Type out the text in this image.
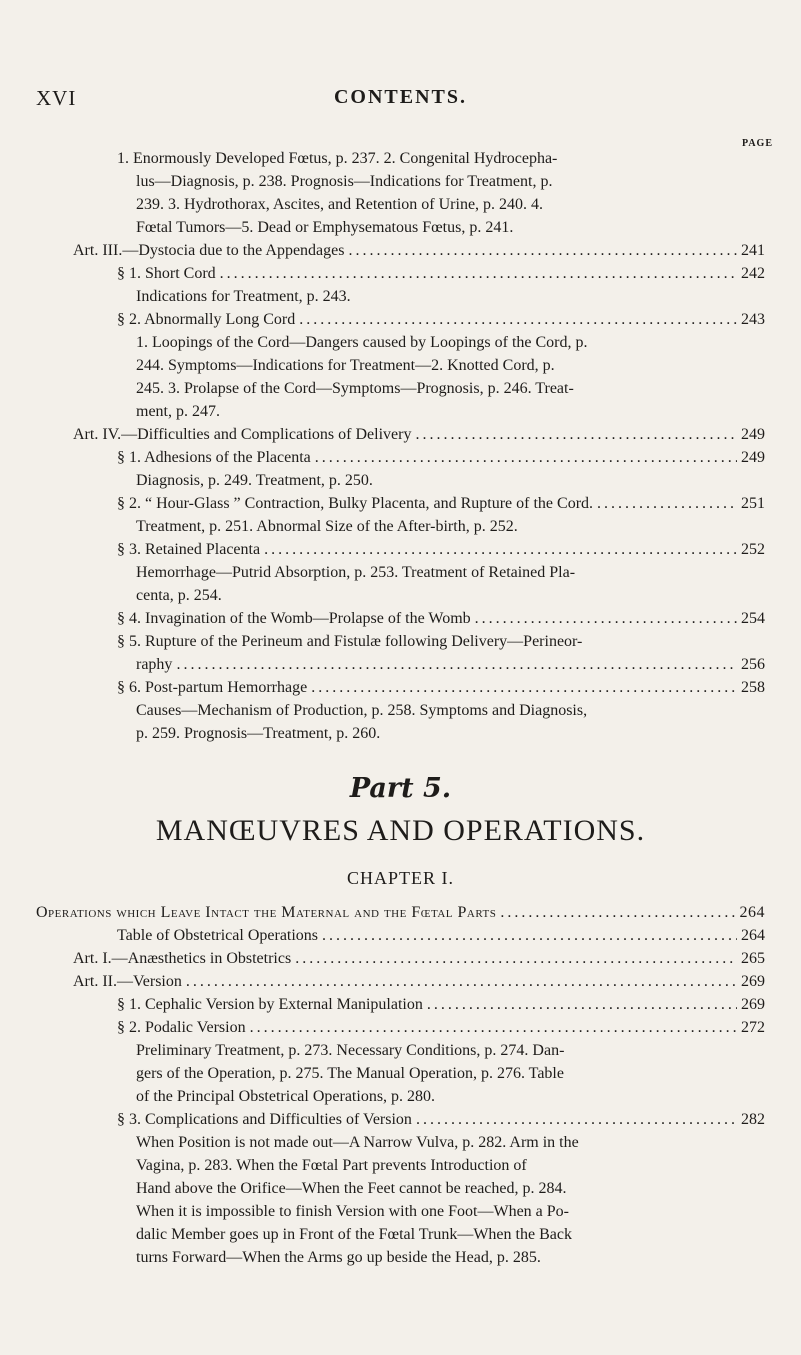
XVI	CONTENTS.
PAGE
1. Enormously Developed Fœtus, p. 237. 2. Congenital Hydrocepha-
lus—Diagnosis, p. 238. Prognosis—Indications for Treatment, p.
239. 3. Hydrothorax, Ascites, and Retention of Urine, p. 240. 4.
Fœtal Tumors—5. Dead or Emphysematous Fœtus, p. 241.
Art. III.—Dystocia due to the Appendages .....	241
§ 1. Short Cord .....	242
Indications for Treatment, p. 243.
§ 2. Abnormally Long Cord .....	243
1. Loopings of the Cord—Dangers caused by Loopings of the Cord, p.
244. Symptoms—Indications for Treatment—2. Knotted Cord, p.
245. 3. Prolapse of the Cord—Symptoms—Prognosis, p. 246. Treat-
ment, p. 247.
Art. IV.—Difficulties and Complications of Delivery .....	249
§ 1. Adhesions of the Placenta .....	249
Diagnosis, p. 249. Treatment, p. 250.
§ 2. “ Hour-Glass ” Contraction, Bulky Placenta, and Rupture of the Cord. .....	251
Treatment, p. 251. Abnormal Size of the After-birth, p. 252.
§ 3. Retained Placenta .....	252
Hemorrhage—Putrid Absorption, p. 253. Treatment of Retained Pla-
centa, p. 254.
§ 4. Invagination of the Womb—Prolapse of the Womb .....	254
§ 5. Rupture of the Perineum and Fistulæ following Delivery—Perineor-
raphy .....	256
§ 6. Post-partum Hemorrhage .....	258
Causes—Mechanism of Production, p. 258. Symptoms and Diagnosis,
p. 259. Prognosis—Treatment, p. 260.
Part 5.
MANŒUVRES AND OPERATIONS.
CHAPTER I.
Operations which Leave Intact the Maternal and the Fœtal Parts .....	264
Table of Obstetrical Operations .....	264
Art. I.—Anæsthetics in Obstetrics .....	265
Art. II.—Version .....	269
§ 1. Cephalic Version by External Manipulation .....	269
§ 2. Podalic Version .....	272
Preliminary Treatment, p. 273. Necessary Conditions, p. 274. Dan-
gers of the Operation, p. 275. The Manual Operation, p. 276. Table
of the Principal Obstetrical Operations, p. 280.
§ 3. Complications and Difficulties of Version .....	282
When Position is not made out—A Narrow Vulva, p. 282. Arm in the
Vagina, p. 283. When the Fœtal Part prevents Introduction of
Hand above the Orifice—When the Feet cannot be reached, p. 284.
When it is impossible to finish Version with one Foot—When a Po-
dalic Member goes up in Front of the Fœtal Trunk—When the Back
turns Forward—When the Arms go up beside the Head, p. 285.
